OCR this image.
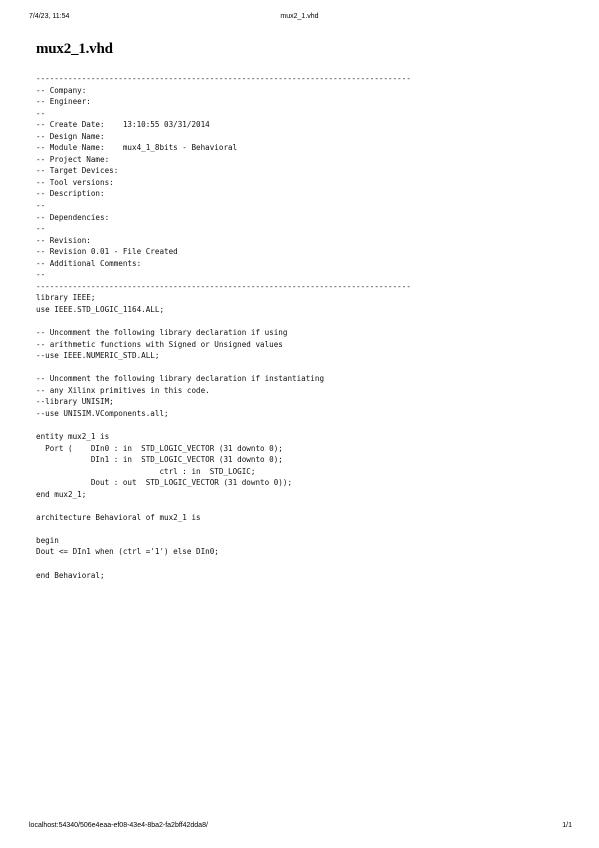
7/4/23, 11:54	mux2_1.vhd
mux2_1.vhd
----------------------------------------------------------------------------------
-- Company:
-- Engineer:
--
-- Create Date:    13:10:55 03/31/2014
-- Design Name:
-- Module Name:    mux4_1_8bits - Behavioral
-- Project Name:
-- Target Devices:
-- Tool versions:
-- Description:
--
-- Dependencies:
--
-- Revision:
-- Revision 0.01 - File Created
-- Additional Comments:
--
----------------------------------------------------------------------------------
library IEEE;
use IEEE.STD_LOGIC_1164.ALL;
-- Uncomment the following library declaration if using
-- arithmetic functions with Signed or Unsigned values
--use IEEE.NUMERIC_STD.ALL;
-- Uncomment the following library declaration if instantiating
-- any Xilinx primitives in this code.
--library UNISIM;
--use UNISIM.VComponents.all;
entity mux2_1 is
Port (    DIn0 : in  STD_LOGIC_VECTOR (31 downto 0);
DIn1 : in  STD_LOGIC_VECTOR (31 downto 0);
ctrl : in  STD_LOGIC;
Dout : out  STD_LOGIC_VECTOR (31 downto 0));
end mux2_1;
architecture Behavioral of mux2_1 is
begin
Dout <= DIn1 when (ctrl ='1') else DIn0;
end Behavioral;
localhost:54340/506e4eaa-ef08-43e4-8ba2-fa2bff42dda8/	1/1
